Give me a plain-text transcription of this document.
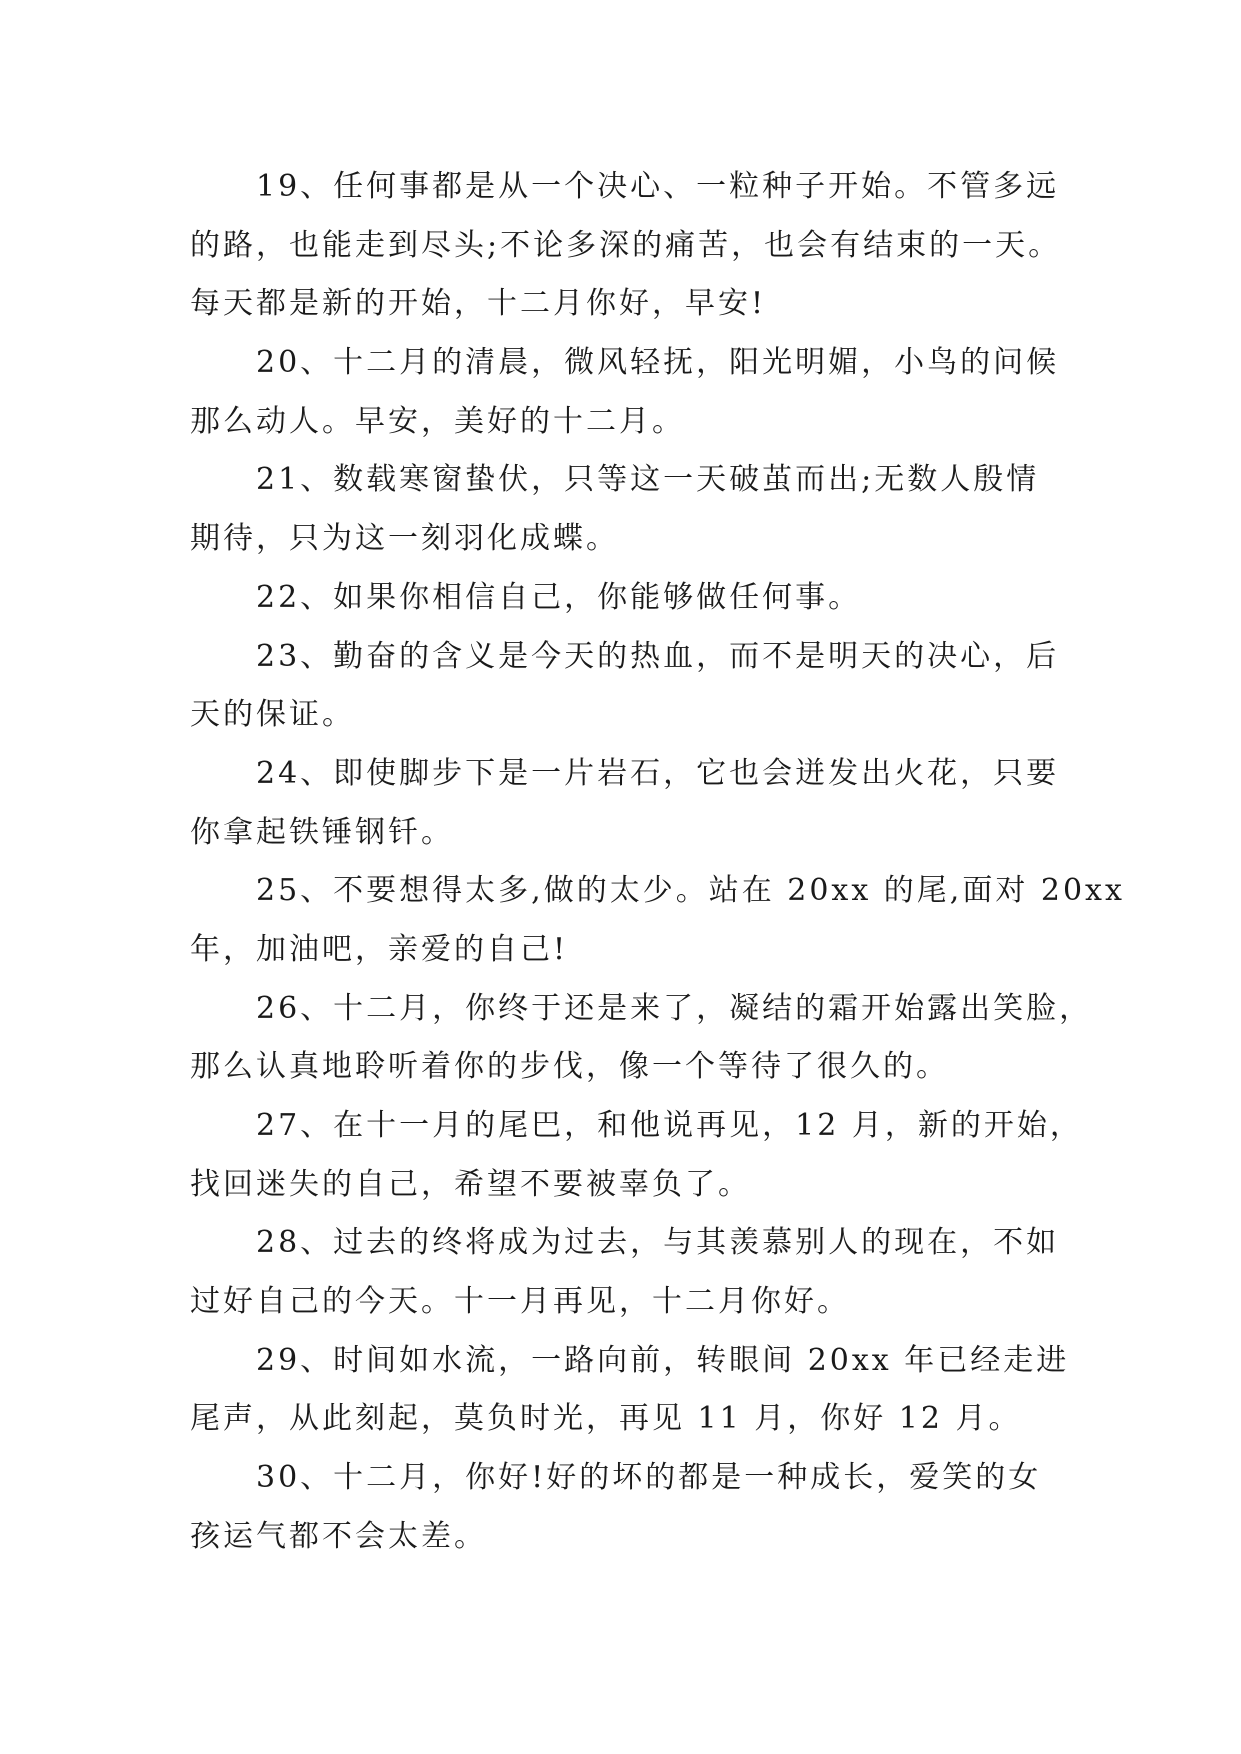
19、任何事都是从一个决心、一粒种子开始。不管多远
的路，也能走到尽头;不论多深的痛苦，也会有结束的一天。
每天都是新的开始，十二月你好，早安!
20、十二月的清晨，微风轻抚，阳光明媚，小鸟的问候
那么动人。早安，美好的十二月。
21、数载寒窗蛰伏，只等这一天破茧而出;无数人殷情
期待，只为这一刻羽化成蝶。
22、如果你相信自己，你能够做任何事。
23、勤奋的含义是今天的热血，而不是明天的决心，后
天的保证。
24、即使脚步下是一片岩石，它也会迸发出火花，只要
你拿起铁锤钢钎。
25、不要想得太多,做的太少。站在 20xx 的尾,面对 20xx
年，加油吧，亲爱的自己!
26、十二月，你终于还是来了，凝结的霜开始露出笑脸，
那么认真地聆听着你的步伐，像一个等待了很久的。
27、在十一月的尾巴，和他说再见，12 月，新的开始，
找回迷失的自己，希望不要被辜负了。
28、过去的终将成为过去，与其羡慕别人的现在，不如
过好自己的今天。十一月再见，十二月你好。
29、时间如水流，一路向前，转眼间 20xx 年已经走进
尾声，从此刻起，莫负时光，再见 11 月，你好 12 月。
30、十二月，你好!好的坏的都是一种成长，爱笑的女
孩运气都不会太差。
